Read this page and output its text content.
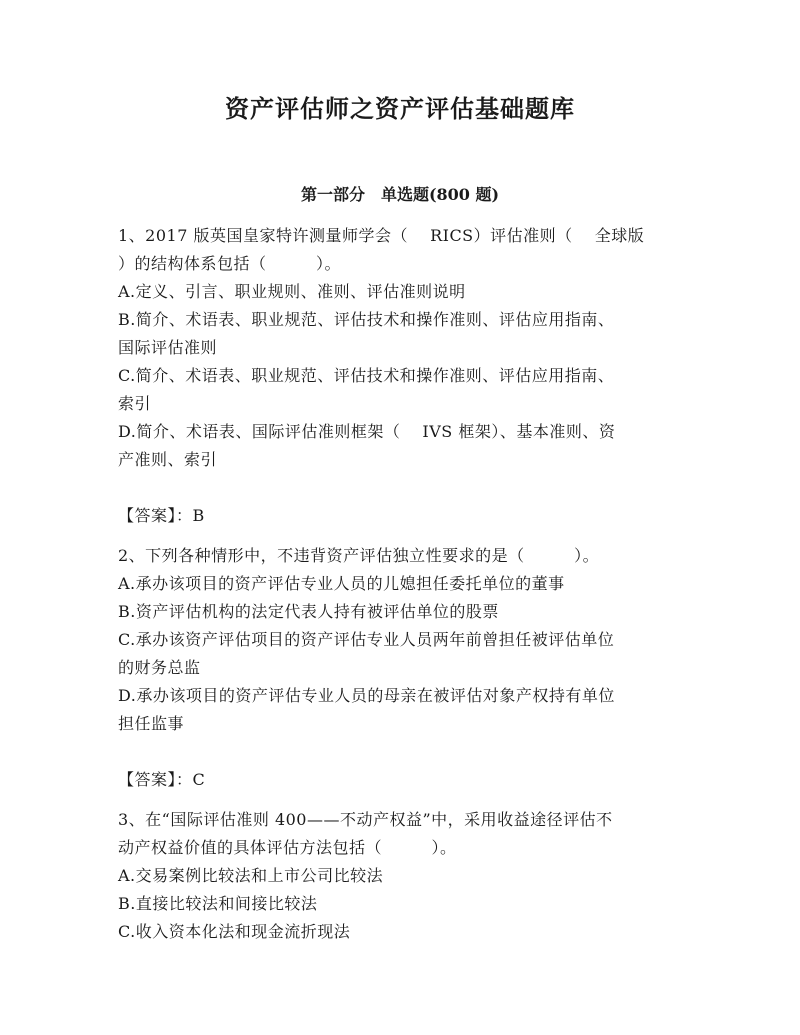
资产评估师之资产评估基础题库
第一部分　单选题(800 题)
1、2017 版英国皇家特许测量师学会（　 RICS）评估准则（　 全球版
）的结构体系包括（　　　）。
A.定义、引言、职业规则、准则、评估准则说明
B.简介、术语表、职业规范、评估技术和操作准则、评估应用指南、
国际评估准则
C.简介、术语表、职业规范、评估技术和操作准则、评估应用指南、
索引
D.简介、术语表、国际评估准则框架（　 IVS 框架）、基本准则、资
产准则、索引
【答案】：B
2、下列各种情形中，不违背资产评估独立性要求的是（　　　）。
A.承办该项目的资产评估专业人员的儿媳担任委托单位的董事
B.资产评估机构的法定代表人持有被评估单位的股票
C.承办该资产评估项目的资产评估专业人员两年前曾担任被评估单位
的财务总监
D.承办该项目的资产评估专业人员的母亲在被评估对象产权持有单位
担任监事
【答案】：C
3、在“国际评估准则 400——不动产权益”中，采用收益途径评估不
动产权益价值的具体评估方法包括（　　　）。
A.交易案例比较法和上市公司比较法
B.直接比较法和间接比较法
C.收入资本化法和现金流折现法
